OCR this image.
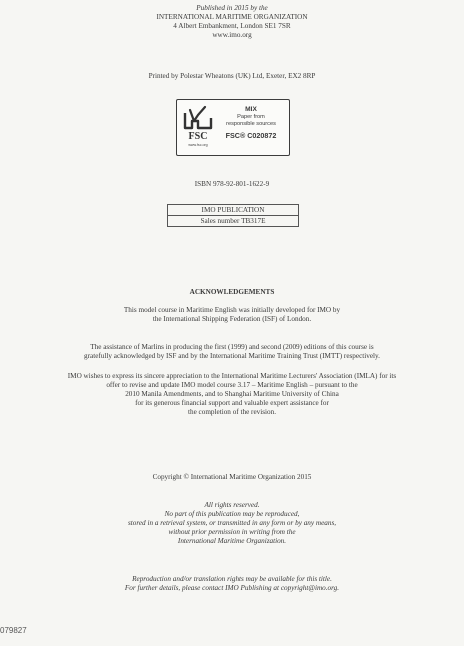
Published in 2015 by the
INTERNATIONAL MARITIME ORGANIZATION
4 Albert Embankment, London SE1 7SR
www.imo.org
Printed by Polestar Wheatons (UK) Ltd, Exeter, EX2 8RP
FSC
www.fsc.org
MIX
Paper from
responsible sources
FSC® C020872
ISBN 978-92-801-1622-9
IMO PUBLICATION
Sales number TB317E
ACKNOWLEDGEMENTS
This model course in Maritime English was initially developed for IMO by
the International Shipping Federation (ISF) of London.
The assistance of Marlins in producing the first (1999) and second (2009) editions of this course is
gratefully acknowledged by ISF and by the International Maritime Training Trust (IMTT) respectively.
IMO wishes to express its sincere appreciation to the International Maritime Lecturers' Association (IMLA) for its
offer to revise and update IMO model course 3.17 – Maritime English – pursuant to the
2010 Manila Amendments, and to Shanghai Maritime University of China
for its generous financial support and valuable expert assistance for
the completion of the revision.
Copyright © International Maritime Organization 2015
All rights reserved.
No part of this publication may be reproduced,
stored in a retrieval system, or transmitted in any form or by any means,
without prior permission in writing from the
International Maritime Organization.
Reproduction and/or translation rights may be available for this title.
For further details, please contact IMO Publishing at copyright@imo.org.
079827
